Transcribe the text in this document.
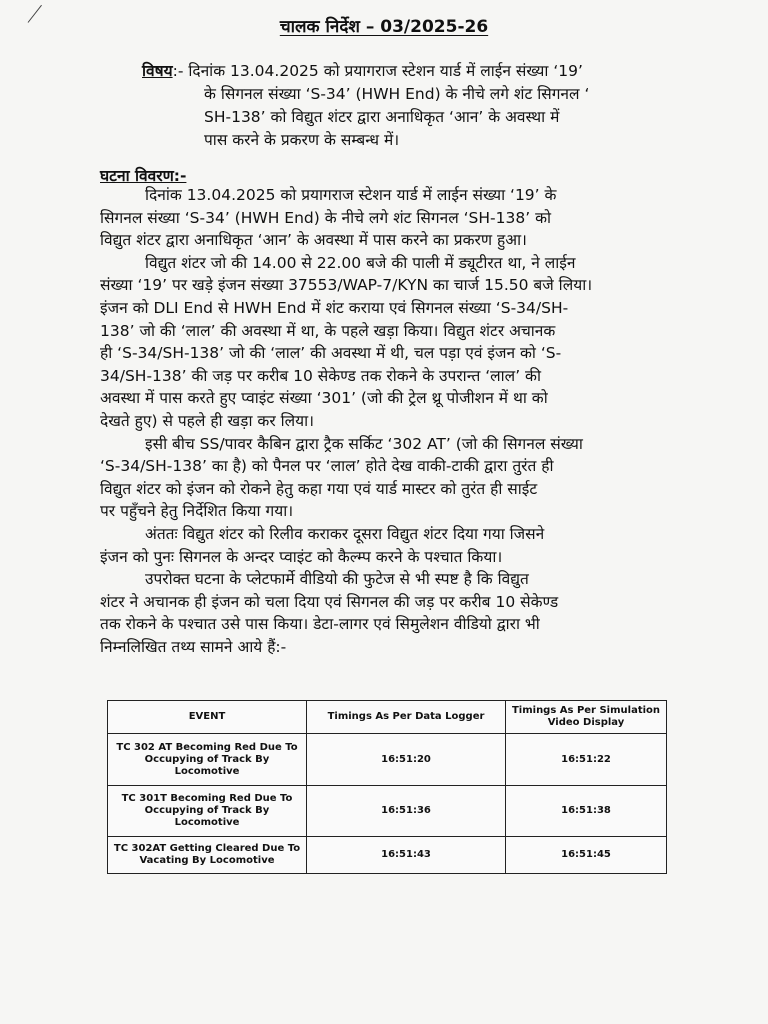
चालक निर्देश – 03/2025-26
विषय:- दिनांक 13.04.2025 को प्रयागराज स्टेशन यार्ड में लाईन संख्या ‘19’
के सिगनल संख्या ‘S-34’ (HWH End) के नीचे लगे शंट सिगनल ‘
SH-138’ को विद्युत शंटर द्वारा अनाधिकृत ‘आन’ के अवस्था में
पास करने के प्रकरण के सम्बन्ध में।
घटना विवरण:-
दिनांक 13.04.2025 को प्रयागराज स्टेशन यार्ड में लाईन संख्या ‘19’ के
सिगनल संख्या ‘S-34’ (HWH End) के नीचे लगे शंट सिगनल ‘SH-138’ को
विद्युत शंटर द्वारा अनाधिकृत ‘आन’ के अवस्था में पास करने का प्रकरण हुआ।
विद्युत शंटर जो की 14.00 से 22.00 बजे की पाली में ड्यूटीरत था, ने लाईन
संख्या ‘19’ पर खड़े इंजन संख्या 37553/WAP-7/KYN का चार्ज 15.50 बजे लिया।
इंजन को DLI End से HWH End में शंट कराया एवं सिगनल संख्या ‘S-34/SH-
138’ जो की ‘लाल’ की अवस्था में था, के पहले खड़ा किया। विद्युत शंटर अचानक
ही ‘S-34/SH-138’ जो की ‘लाल’ की अवस्था में थी, चल पड़ा एवं इंजन को ‘S-
34/SH-138’ की जड़ पर करीब 10 सेकेण्ड तक रोकने के उपरान्त ‘लाल’ की
अवस्था में पास करते हुए प्वाइंट संख्या ‘301’ (जो की ट्रेल थ्रू पोजीशन में था को
देखते हुए) से पहले ही खड़ा कर लिया।
इसी बीच SS/पावर कैबिन द्वारा ट्रैक सर्किट ‘302 AT’ (जो की सिगनल संख्या
‘S-34/SH-138’ का है) को पैनल पर ‘लाल’ होते देख वाकी-टाकी द्वारा तुरंत ही
विद्युत शंटर को इंजन को रोकने हेतु कहा गया एवं यार्ड मास्टर को तुरंत ही साईट
पर पहुँचने हेतु निर्देशित किया गया।
अंततः विद्युत शंटर को रिलीव कराकर दूसरा विद्युत शंटर दिया गया जिसने
इंजन को पुनः सिगनल के अन्दर प्वाइंट को कैल्म्प करने के पश्चात किया।
उपरोक्त घटना के प्लेटफार्मे वीडियो की फुटेज से भी स्पष्ट है कि विद्युत
शंटर ने अचानक ही इंजन को चला दिया एवं सिगनल की जड़ पर करीब 10 सेकेण्ड
तक रोकने के पश्चात उसे पास किया। डेटा-लागर एवं सिमुलेशन वीडियो द्वारा भी
निम्नलिखित तथ्य सामने आये हैं:-
EVENT	Timings As Per Data Logger	Timings As Per Simulation Video Display
TC 302 AT Becoming Red Due To Occupying of Track By Locomotive	16:51:20	16:51:22
TC 301T Becoming Red Due To Occupying of Track By Locomotive	16:51:36	16:51:38
TC 302AT Getting Cleared Due To Vacating By Locomotive	16:51:43	16:51:45
